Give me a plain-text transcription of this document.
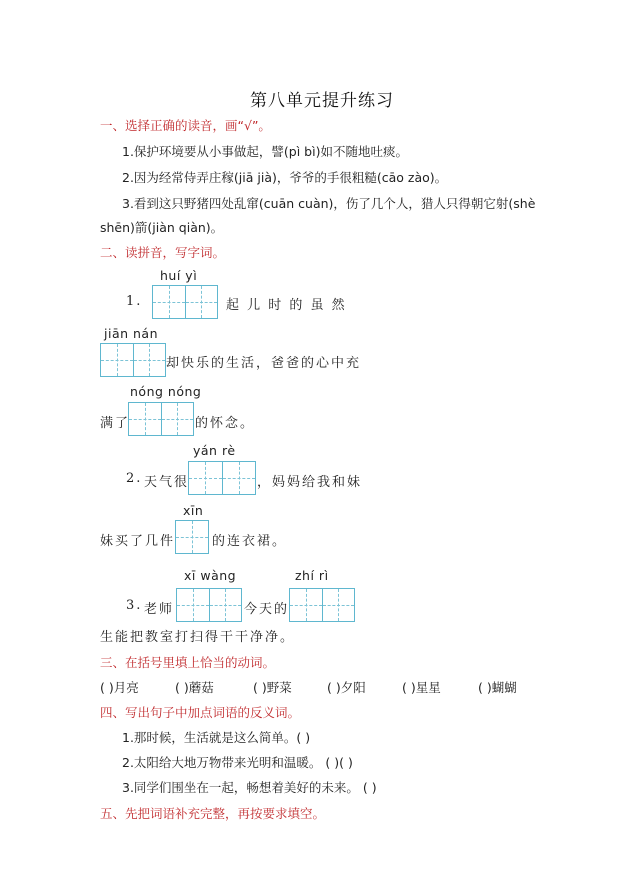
第八单元提升练习
一、选择正确的读音，画“√”。
1.保护环境要从小事做起，譬(pì bì)如不随地吐痰。
2.因为经常侍弄庄稼(jiā jià)，爷爷的手很粗糙(cāo zào)。
3.看到这只野猪四处乱窜(cuān cuàn)，伤了几个人，猎人只得朝它射(shè
shēn)箭(jiàn qiàn)。
二、读拼音，写字词。
huí yì
1.	起 儿 时 的 虽 然
jiān nán
却快乐的生活，爸爸的心中充
nóng nóng
满了	的怀念。
yán rè
2. 天气很	，妈妈给我和妹
xīn
妹买了几件	的连衣裙。
xī wàng	zhí rì
3. 老师	今天的
生能把教室打扫得干干净净。
三、在括号里填上恰当的动词。
( )月亮	( )蘑菇	( )野菜	( )夕阳	( )星星	( )蝴蝴
四、写出句子中加点词语的反义词。
1.那时候，生活就是这么简单。( )
2.太阳给大地万物带来光明和温暖。 ( )( )
3.同学们围坐在一起，畅想着美好的未来。 ( )
五、先把词语补充完整，再按要求填空。
